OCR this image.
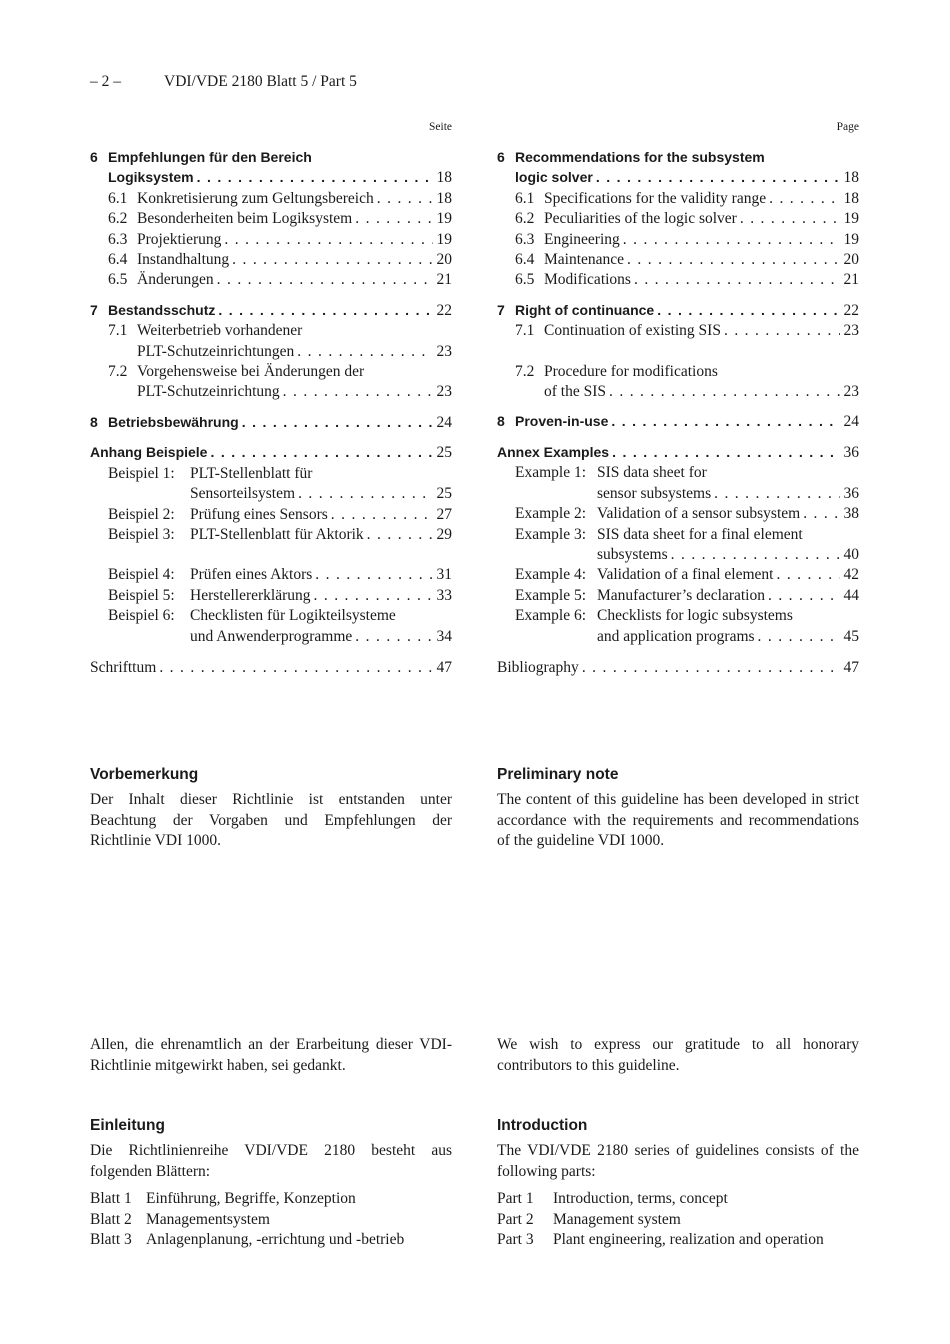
– 2 –	VDI/VDE 2180 Blatt 5 / Part 5
Seite
6 Empfehlungen für den Bereich
Logiksystem . . .	18
6.1 Konkretisierung zum Geltungsbereich . . .	18
6.2 Besonderheiten beim Logiksystem . . .	19
6.3 Projektierung . . .	19
6.4 Instandhaltung . . .	20
6.5 Änderungen . . .	21
7 Bestandsschutz . . .	22
7.1 Weiterbetrieb vorhandener
PLT-Schutzeinrichtungen . . .	23
7.2 Vorgehensweise bei Änderungen der
PLT-Schutzeinrichtung . . .	23
8 Betriebsbewährung . . .	24
Anhang Beispiele . . .	25
Beispiel 1: PLT-Stellenblatt für
Sensorteilsystem . . .	25
Beispiel 2: Prüfung eines Sensors . . .	27
Beispiel 3: PLT-Stellenblatt für Aktorik . . .	29
Beispiel 4: Prüfen eines Aktors . . .	31
Beispiel 5: Herstellererklärung . . .	33
Beispiel 6: Checklisten für Logikteilsysteme
und Anwenderprogramme . . .	34
Schrifttum . . .	47
Page
6 Recommendations for the subsystem
logic solver . . .	18
6.1 Specifications for the validity range . . .	18
6.2 Peculiarities of the logic solver . . .	19
6.3 Engineering . . .	19
6.4 Maintenance . . .	20
6.5 Modifications . . .	21
7 Right of continuance . . .	22
7.1 Continuation of existing SIS . . .	23
7.2 Procedure for modifications
of the SIS . . .	23
8 Proven-in-use . . .	24
Annex Examples . . .	36
Example 1: SIS data sheet for
sensor subsystems . . .	36
Example 2: Validation of a sensor subsystem . . .	38
Example 3: SIS data sheet for a final element
subsystems . . .	40
Example 4: Validation of a final element . . .	42
Example 5: Manufacturer’s declaration . . .	44
Example 6: Checklists for logic subsystems
and application programs . . .	45
Bibliography . . .	47
Vorbemerkung
Der Inhalt dieser Richtlinie ist entstanden unter Beachtung der Vorgaben und Empfehlungen der Richtlinie VDI 1000.
Preliminary note
The content of this guideline has been developed in strict accordance with the requirements and recommendations of the guideline VDI 1000.
Allen, die ehrenamtlich an der Erarbeitung dieser VDI-Richtlinie mitgewirkt haben, sei gedankt.
We wish to express our gratitude to all honorary contributors to this guideline.
Einleitung
Die Richtlinienreihe VDI/VDE 2180 besteht aus folgenden Blättern:
Introduction
The VDI/VDE 2180 series of guidelines consists of the following parts:
Blatt 1 Einführung, Begriffe, Konzeption
Blatt 2 Managementsystem
Blatt 3 Anlagenplanung, -errichtung und -betrieb
Part 1 Introduction, terms, concept
Part 2 Management system
Part 3 Plant engineering, realization and operation
